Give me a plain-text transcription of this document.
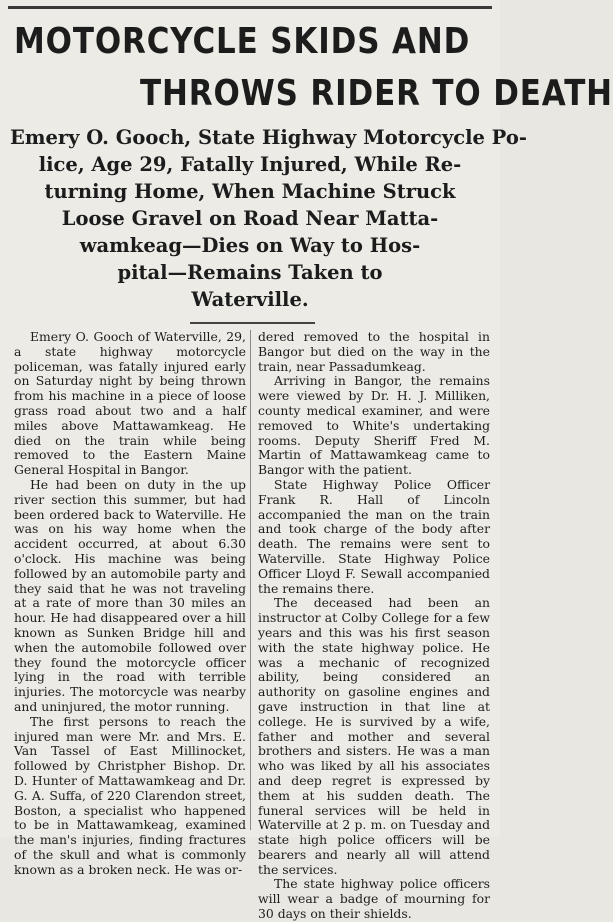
MOTORCYCLE SKIDS AND
THROWS RIDER TO DEATH
Emery O. Gooch, State Highway Motorcycle Po-
lice, Age 29, Fatally Injured, While Re-
turning Home, When Machine Struck
Loose Gravel on Road Near Matta-
wamkeag—Dies on Way to Hos-
pital—Remains Taken to
Waterville.

Emery O. Gooch of Waterville, 29, a state highway motorcycle policeman, was fatally injured early on Saturday night by being thrown from his machine in a piece of loose grass road about two and a half miles above Mattawamkeag. He died on the train while being removed to the Eastern Maine General Hospital in Bangor.

He had been on duty in the up river section this summer, but had been ordered back to Waterville. He was on his way home when the accident occurred, at about 6.30 o'clock. His machine was being followed by an automobile party and they said that he was not traveling at a rate of more than 30 miles an hour. He had disappeared over a hill known as Sunken Bridge hill and when the automobile followed over they found the motorcycle officer lying in the road with terrible injuries. The motorcycle was nearby and uninjured, the motor running.

The first persons to reach the injured man were Mr. and Mrs. E. Van Tassel of East Millinocket, followed by Christpher Bishop. Dr. D. Hunter of Mattawamkeag and Dr. G. A. Suffa, of 220 Clarendon street, Boston, a specialist who happened to be in Mattawamkeag, examined the man's injuries, finding fractures of the skull and what is commonly known as a broken neck. He was or-

dered removed to the hospital in Bangor but died on the way in the train, near Passadumkeag.

Arriving in Bangor, the remains were viewed by Dr. H. J. Milliken, county medical examiner, and were removed to White's undertaking rooms. Deputy Sheriff Fred M. Martin of Mattawamkeag came to Bangor with the patient.

State Highway Police Officer Frank R. Hall of Lincoln accompanied the man on the train and took charge of the body after death. The remains were sent to Waterville. State Highway Police Officer Lloyd F. Sewall accompanied the remains there.

The deceased had been an instructor at Colby College for a few years and this was his first season with the state highway police. He was a mechanic of recognized ability, being considered an authority on gasoline engines and gave instruction in that line at college. He is survived by a wife, father and mother and several brothers and sisters. He was a man who was liked by all his associates and deep regret is expressed by them at his sudden death. The funeral services will be held in Waterville at 2 p. m. on Tuesday and state high police officers will be bearers and nearly all will attend the services.

The state highway police officers will wear a badge of mourning for 30 days on their shields.
